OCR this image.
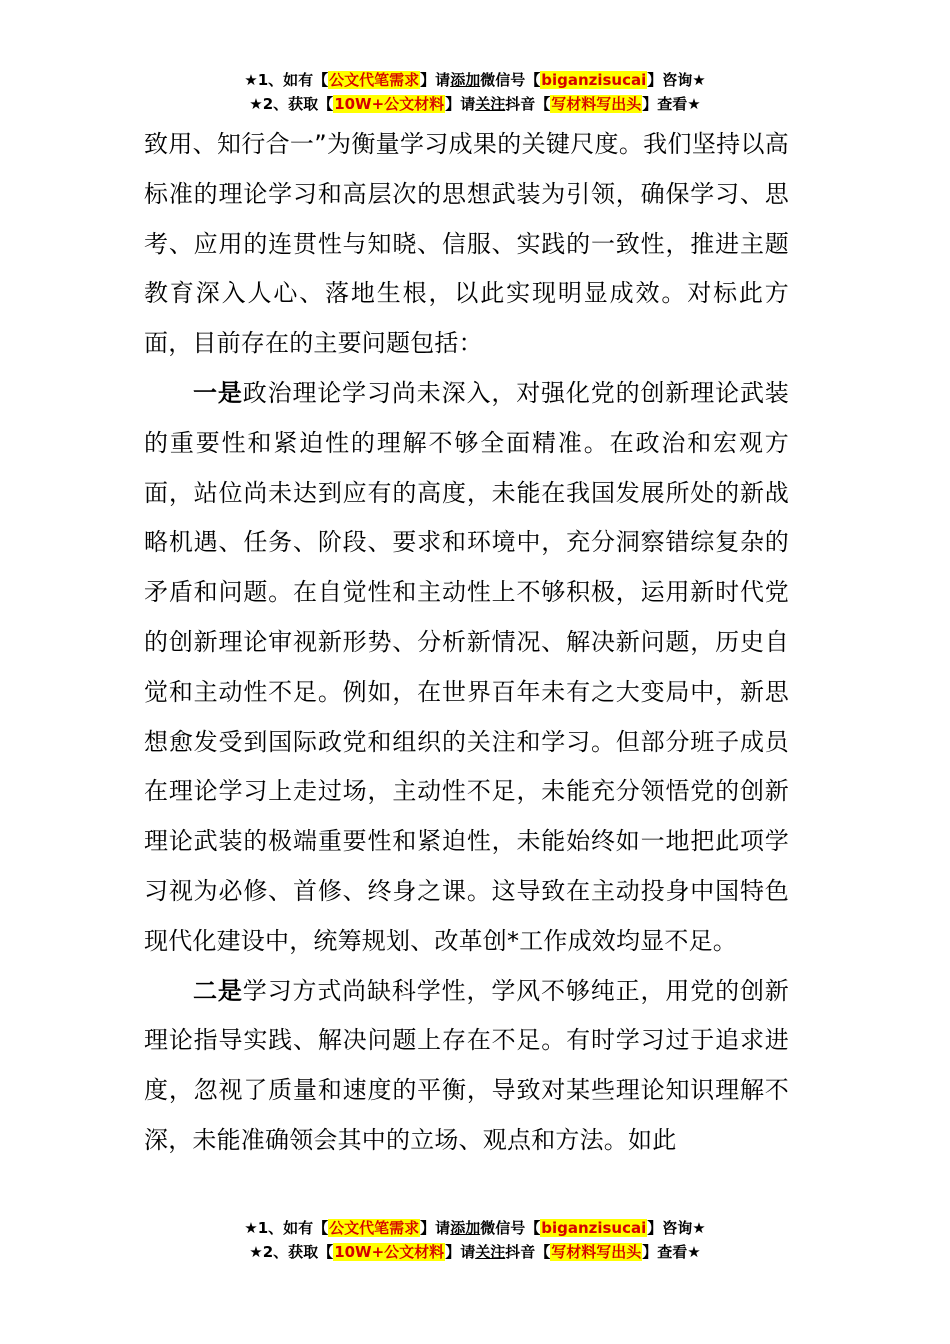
★1、如有【公文代笔需求】请添加微信号【biganzisucai】咨询★
★2、获取【10W+公文材料】请关注抖音【写材料写出头】查看★

致用、知行合一”为衡量学习成果的关键尺度。我们坚持以高标准的理论学习和高层次的思想武装为引领，确保学习、思考、应用的连贯性与知晓、信服、实践的一致性，推进主题教育深入人心、落地生根，以此实现明显成效。对标此方面，目前存在的主要问题包括：

一是政治理论学习尚未深入，对强化党的创新理论武装的重要性和紧迫性的理解不够全面精准。在政治和宏观方面，站位尚未达到应有的高度，未能在我国发展所处的新战略机遇、任务、阶段、要求和环境中，充分洞察错综复杂的矛盾和问题。在自觉性和主动性上不够积极，运用新时代党的创新理论审视新形势、分析新情况、解决新问题，历史自觉和主动性不足。例如，在世界百年未有之大变局中，新思想愈发受到国际政党和组织的关注和学习。但部分班子成员在理论学习上走过场，主动性不足，未能充分领悟党的创新理论武装的极端重要性和紧迫性，未能始终如一地把此项学习视为必修、首修、终身之课。这导致在主动投身中国特色现代化建设中，统筹规划、改革创*工作成效均显不足。

二是学习方式尚缺科学性，学风不够纯正，用党的创新理论指导实践、解决问题上存在不足。有时学习过于追求进度，忽视了质量和速度的平衡，导致对某些理论知识理解不深，未能准确领会其中的立场、观点和方法。如此

★1、如有【公文代笔需求】请添加微信号【biganzisucai】咨询★
★2、获取【10W+公文材料】请关注抖音【写材料写出头】查看★
